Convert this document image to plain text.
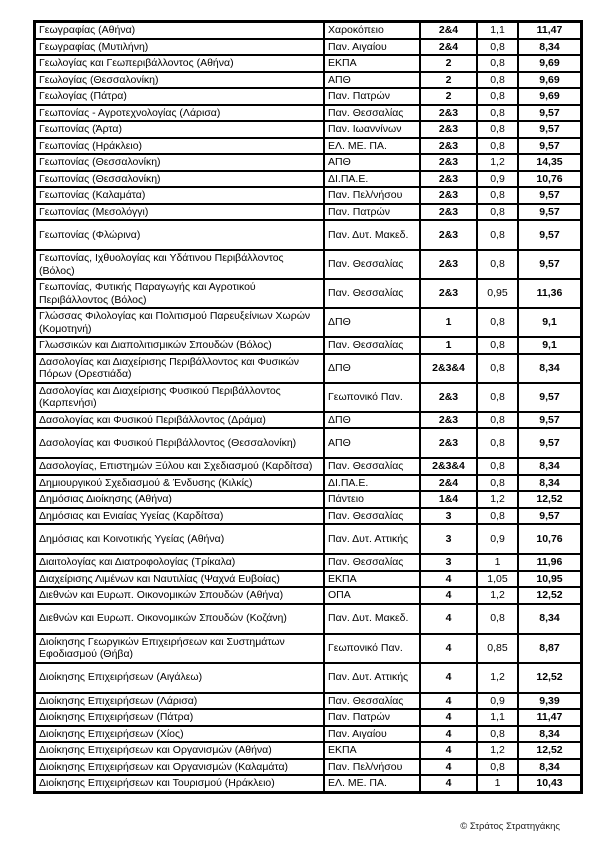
Γεωγραφίας (Αθήνα)	Χαροκόπειο	2&4	1,1	11,47
Γεωγραφίας (Μυτιλήνη)	Παν. Αιγαίου	2&4	0,8	8,34
Γεωλογίας και Γεωπεριβάλλοντος (Αθήνα)	ΕΚΠΑ	2	0,8	9,69
Γεωλογίας (Θεσσαλονίκη)	ΑΠΘ	2	0,8	9,69
Γεωλογίας (Πάτρα)	Παν. Πατρών	2	0,8	9,69
Γεωπονίας - Αγροτεχνολογίας (Λάρισα)	Παν. Θεσσαλίας	2&3	0,8	9,57
Γεωπονίας (Άρτα)	Παν. Ιωαννίνων	2&3	0,8	9,57
Γεωπονίας (Ηράκλειο)	ΕΛ. ΜΕ. ΠΑ.	2&3	0,8	9,57
Γεωπονίας (Θεσσαλονίκη)	ΑΠΘ	2&3	1,2	14,35
Γεωπονίας (Θεσσαλονίκη)	ΔΙ.ΠΑ.Ε.	2&3	0,9	10,76
Γεωπονίας (Καλαμάτα)	Παν. Πελ/νήσου	2&3	0,8	9,57
Γεωπονίας (Μεσολόγγι)	Παν. Πατρών	2&3	0,8	9,57
Γεωπονίας (Φλώρινα)	Παν. Δυτ. Μακεδ.	2&3	0,8	9,57
Γεωπονίας, Ιχθυολογίας και Υδάτινου Περιβάλλοντος (Βόλος)	Παν. Θεσσαλίας	2&3	0,8	9,57
Γεωπονίας, Φυτικής Παραγωγής και Αγροτικού Περιβάλλοντος (Βόλος)	Παν. Θεσσαλίας	2&3	0,95	11,36
Γλώσσας Φιλολογίας και Πολιτισμού Παρευξείνιων Χωρών (Κομοτηνή)	ΔΠΘ	1	0,8	9,1
Γλωσσικών και Διαπολιτισμικών Σπουδών (Βόλος)	Παν. Θεσσαλίας	1	0,8	9,1
Δασολογίας και Διαχείρισης Περιβάλλοντος και Φυσικών Πόρων (Ορεστιάδα)	ΔΠΘ	2&3&4	0,8	8,34
Δασολογίας και Διαχείρισης Φυσικού Περιβάλλοντος (Καρπενήσι)	Γεωπονικό Παν.	2&3	0,8	9,57
Δασολογίας και Φυσικού Περιβάλλοντος (Δράμα)	ΔΠΘ	2&3	0,8	9,57
Δασολογίας και Φυσικού Περιβάλλοντος (Θεσσαλονίκη)	ΑΠΘ	2&3	0,8	9,57
Δασολογίας, Επιστημών Ξύλου και Σχεδιασμού (Καρδίτσα)	Παν. Θεσσαλίας	2&3&4	0,8	8,34
Δημιουργικού Σχεδιασμού & Ένδυσης (Κιλκίς)	ΔΙ.ΠΑ.Ε.	2&4	0,8	8,34
Δημόσιας Διοίκησης (Αθήνα)	Πάντειο	1&4	1,2	12,52
Δημόσιας και Ενιαίας Υγείας (Καρδίτσα)	Παν. Θεσσαλίας	3	0,8	9,57
Δημόσιας και Κοινοτικής Υγείας (Αθήνα)	Παν. Δυτ. Αττικής	3	0,9	10,76
Διαιτολογίας και Διατροφολογίας (Τρίκαλα)	Παν. Θεσσαλίας	3	1	11,96
Διαχείρισης Λιμένων και Ναυτιλίας (Ψαχνά Ευβοίας)	ΕΚΠΑ	4	1,05	10,95
Διεθνών και Ευρωπ. Οικονομικών Σπουδών (Αθήνα)	ΟΠΑ	4	1,2	12,52
Διεθνών και Ευρωπ. Οικονομικών Σπουδών (Κοζάνη)	Παν. Δυτ. Μακεδ.	4	0,8	8,34
Διοίκησης Γεωργικών Επιχειρήσεων και Συστημάτων Εφοδιασμού (Θήβα)	Γεωπονικό Παν.	4	0,85	8,87
Διοίκησης Επιχειρήσεων (Αιγάλεω)	Παν. Δυτ. Αττικής	4	1,2	12,52
Διοίκησης Επιχειρήσεων (Λάρισα)	Παν. Θεσσαλίας	4	0,9	9,39
Διοίκησης Επιχειρήσεων (Πάτρα)	Παν. Πατρών	4	1,1	11,47
Διοίκησης Επιχειρήσεων (Χίος)	Παν. Αιγαίου	4	0,8	8,34
Διοίκησης Επιχειρήσεων και Οργανισμών (Αθήνα)	ΕΚΠΑ	4	1,2	12,52
Διοίκησης Επιχειρήσεων και Οργανισμών (Καλαμάτα)	Παν. Πελ/νήσου	4	0,8	8,34
Διοίκησης Επιχειρήσεων και Τουρισμού (Ηράκλειο)	ΕΛ. ΜΕ. ΠΑ.	4	1	10,43
© Στράτος Στρατηγάκης
